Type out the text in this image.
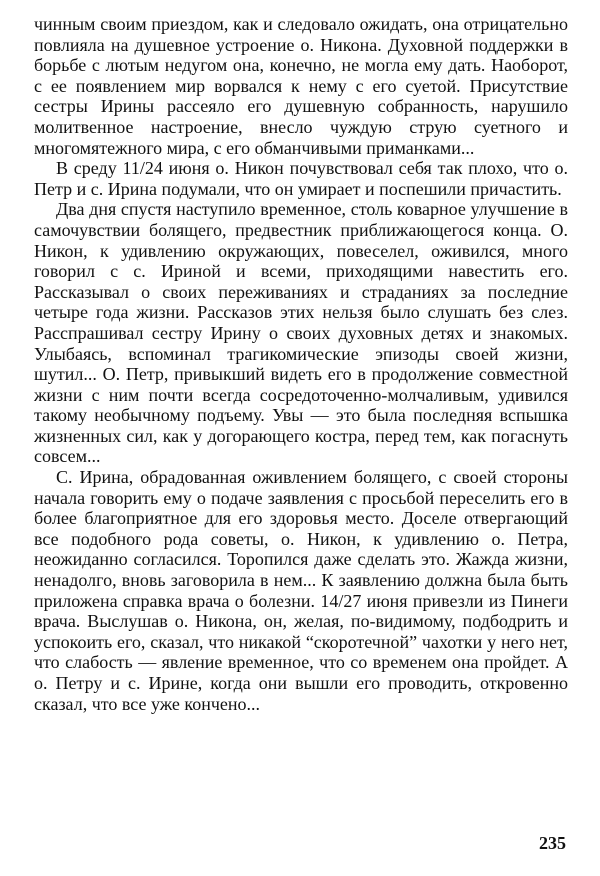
чинным своим приездом, как и следовало ожидать, она отрицательно повлияла на душевное устроение о. Никона. Духовной поддержки в борьбе с лютым недугом она, конечно, не могла ему дать. Наоборот, с ее появлением мир ворвался к нему с его суетой. Присутствие сестры Ирины рассеяло его душевную собранность, нарушило молитвенное настроение, внесло чуждую струю суетного и многомятежного мира, с его обманчивыми приманками...

В среду 11/24 июня о. Никон почувствовал себя так плохо, что о. Петр и с. Ирина подумали, что он умирает и поспешили причастить.

Два дня спустя наступило временное, столь коварное улучшение в самочувствии болящего, предвестник приближающегося конца. О. Никон, к удивлению окружающих, повеселел, оживился, много говорил с с. Ириной и всеми, приходящими навестить его. Рассказывал о своих переживаниях и страданиях за последние четыре года жизни. Рассказов этих нельзя было слушать без слез. Расспрашивал сестру Ирину о своих духовных детях и знакомых. Улыбаясь, вспоминал трагикомические эпизоды своей жизни, шутил... О. Петр, привыкший видеть его в продолжение совместной жизни с ним почти всегда сосредоточенно-молчаливым, удивился такому необычному подъему. Увы — это была последняя вспышка жизненных сил, как у догорающего костра, перед тем, как погаснуть совсем...

С. Ирина, обрадованная оживлением болящего, с своей стороны начала говорить ему о подаче заявления с просьбой переселить его в более благоприятное для его здоровья место. Доселе отвергающий все подобного рода советы, о. Никон, к удивлению о. Петра, неожиданно согласился. Торопился даже сделать это. Жажда жизни, ненадолго, вновь заговорила в нем... К заявлению должна была быть приложена справка врача о болезни. 14/27 июня привезли из Пинеги врача. Выслушав о. Никона, он, желая, по-видимому, подбодрить и успокоить его, сказал, что никакой “скоротечной” чахотки у него нет, что слабость — явление временное, что со временем она пройдет. А о. Петру и с. Ирине, когда они вышли его проводить, откровенно сказал, что все уже кончено...

235
